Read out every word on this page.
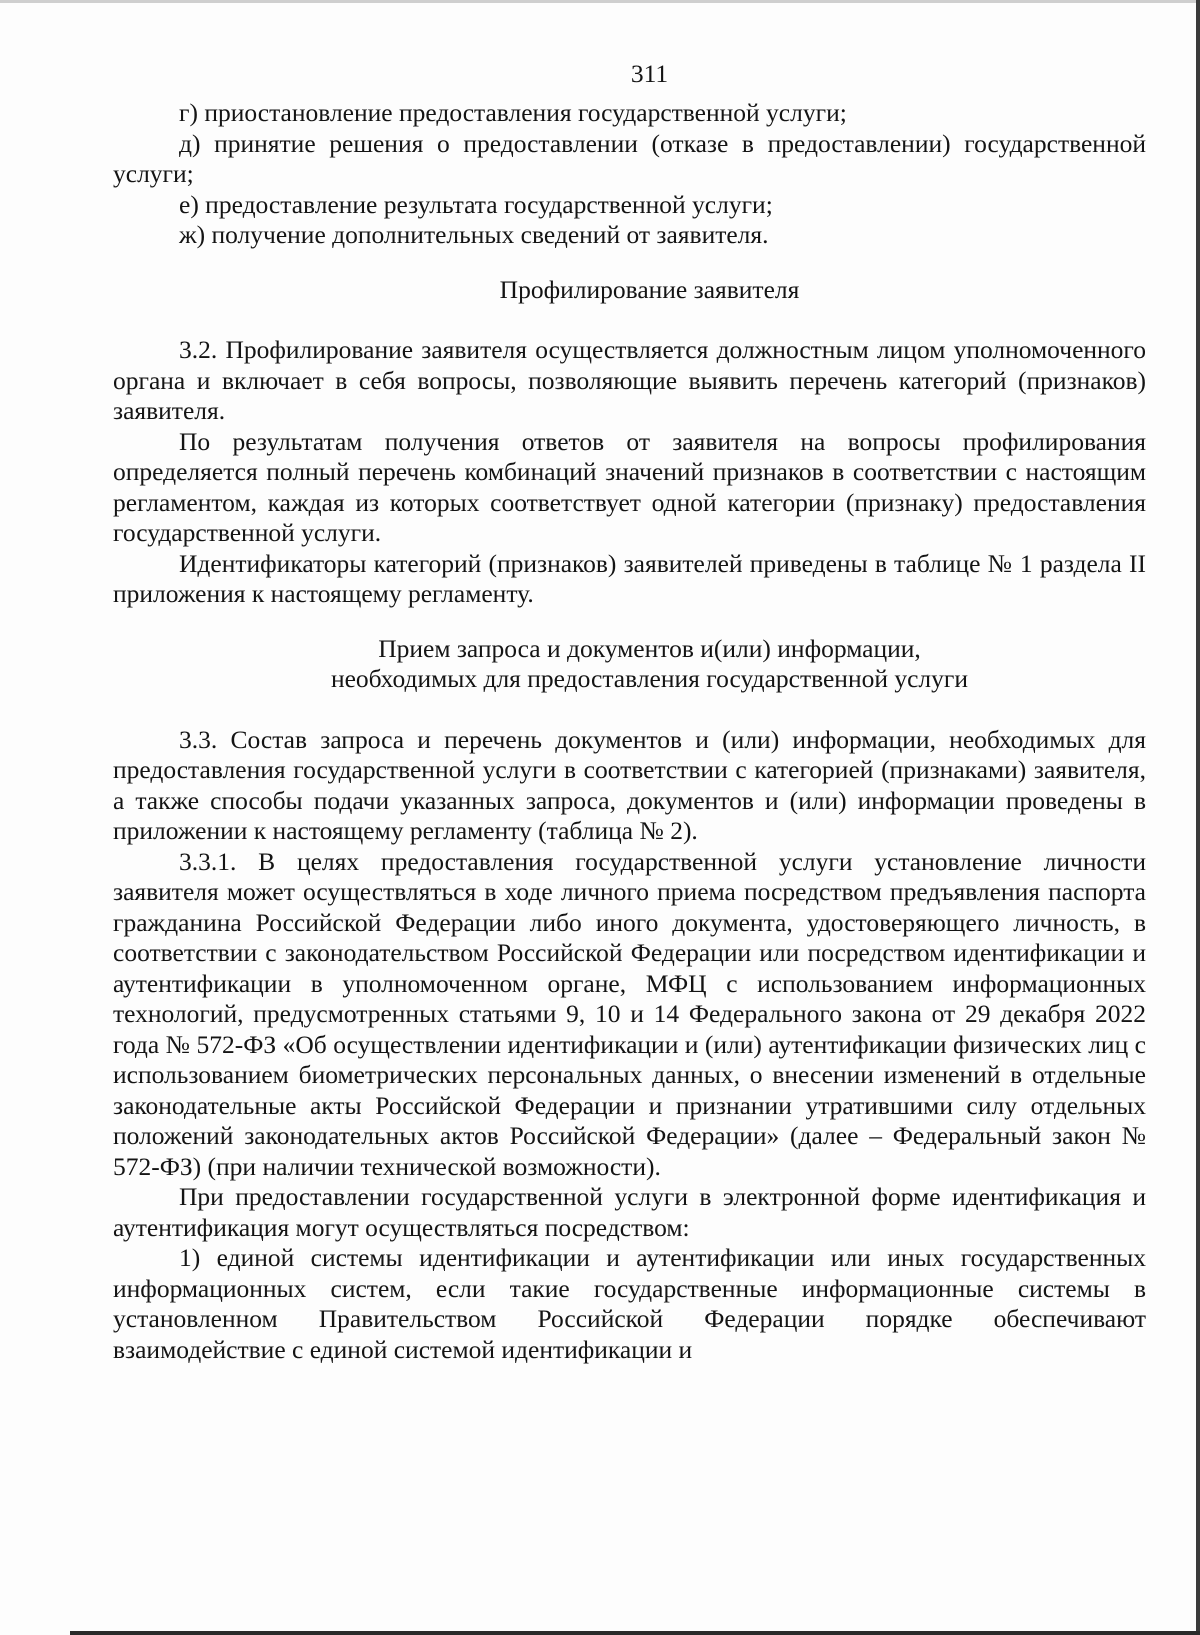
311

г) приостановление предоставления государственной услуги;

д) принятие решения о предоставлении (отказе в предоставлении) государственной услуги;

е) предоставление результата государственной услуги;

ж) получение дополнительных сведений от заявителя.

Профилирование заявителя

3.2. Профилирование заявителя осуществляется должностным лицом уполномоченного органа и включает в себя вопросы, позволяющие выявить перечень категорий (признаков) заявителя.

По результатам получения ответов от заявителя на вопросы профилирования определяется полный перечень комбинаций значений признаков в соответствии с настоящим регламентом, каждая из которых соответствует одной категории (признаку) предоставления государственной услуги.

Идентификаторы категорий (признаков) заявителей приведены в таблице № 1 раздела II приложения к настоящему регламенту.

Прием запроса и документов и(или) информации,
необходимых для предоставления государственной услуги

3.3. Состав запроса и перечень документов и (или) информации, необходимых для предоставления государственной услуги в соответствии с категорией (признаками) заявителя, а также способы подачи указанных запроса, документов и (или) информации проведены в приложении к настоящему регламенту (таблица № 2).

3.3.1. В целях предоставления государственной услуги установление личности заявителя может осуществляться в ходе личного приема посредством предъявления паспорта гражданина Российской Федерации либо иного документа, удостоверяющего личность, в соответствии с законодательством Российской Федерации или посредством идентификации и аутентификации в уполномоченном органе, МФЦ с использованием информационных технологий, предусмотренных статьями 9, 10 и 14 Федерального закона от 29 декабря 2022 года № 572-ФЗ «Об осуществлении идентификации и (или) аутентификации физических лиц с использованием биометрических персональных данных, о внесении изменений в отдельные законодательные акты Российской Федерации и признании утратившими силу отдельных положений законодательных актов Российской Федерации» (далее – Федеральный закон № 572-ФЗ) (при наличии технической возможности).

При предоставлении государственной услуги в электронной форме идентификация и аутентификация могут осуществляться посредством:

1) единой системы идентификации и аутентификации или иных государственных информационных систем, если такие государственные информационные системы в установленном Правительством Российской Федерации порядке обеспечивают взаимодействие с единой системой идентификации и
